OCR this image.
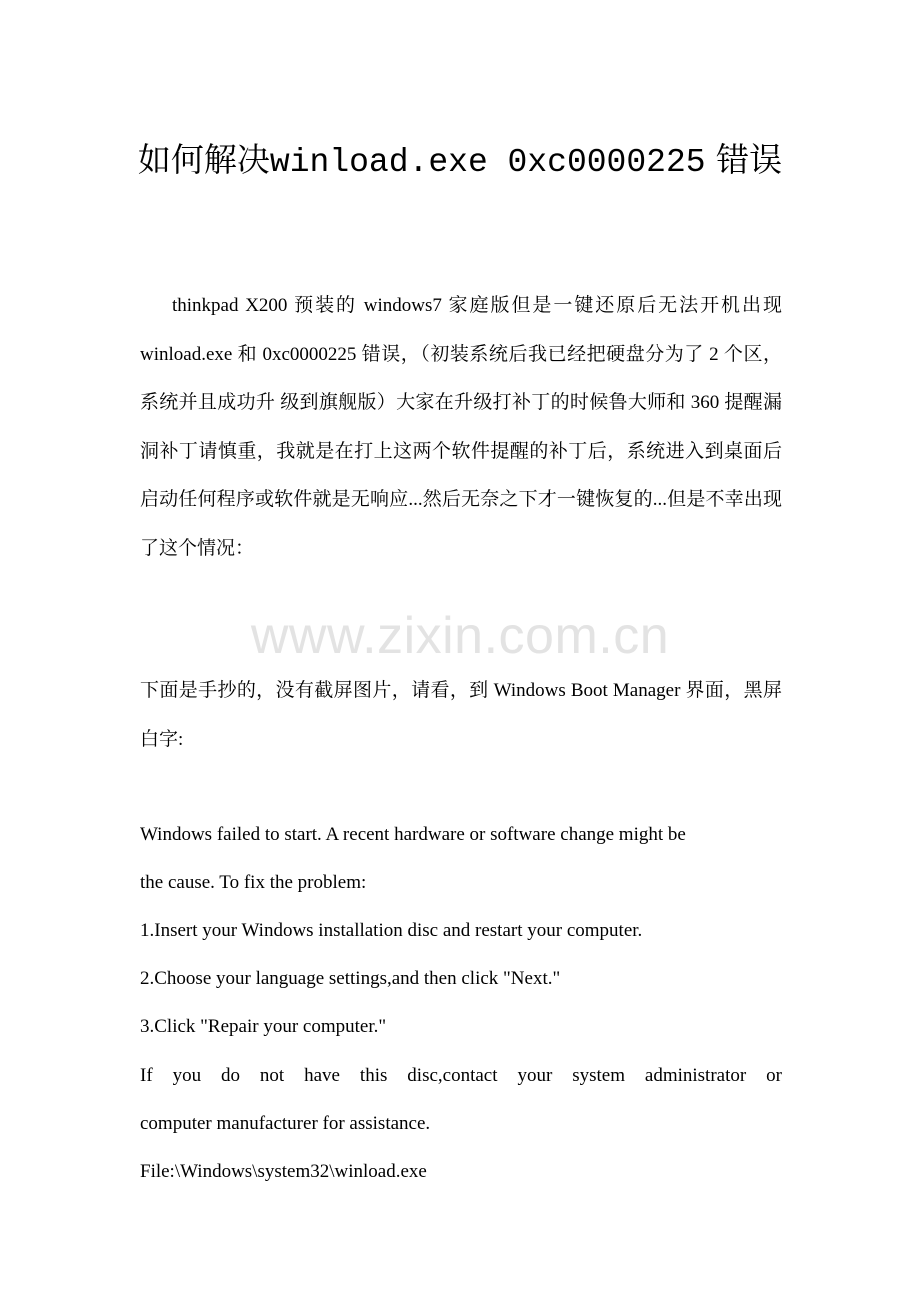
如何解决winload.exe 0xc0000225 错误
thinkpad X200 预装的 windows7 家庭版但是一键还原后无法开机出现 winload.exe 和 0xc0000225 错误，（初装系统后我已经把硬盘分为了 2 个区，系统并且成功升 级到旗舰版）大家在升级打补丁的时候鲁大师和 360 提醒漏洞补丁请慎重，我就是在打上这两个软件提醒的补丁后，系统进入到桌面后 启动任何程序或软件就是无响应...然后无奈之下才一键恢复的...但是不幸出现了这个情况：
www.zixin.com.cn
下面是手抄的，没有截屏图片，请看，到 Windows Boot Manager 界面，黑屏白字:
Windows failed to start. A recent hardware or software change might be
the cause. To fix the problem:
1.Insert your Windows installation disc and restart your computer.
2.Choose your language settings,and then click "Next."
3.Click "Repair your computer."
If you do not have this disc,contact your system administrator or
computer manufacturer for assistance.
File:\Windows\system32\winload.exe
